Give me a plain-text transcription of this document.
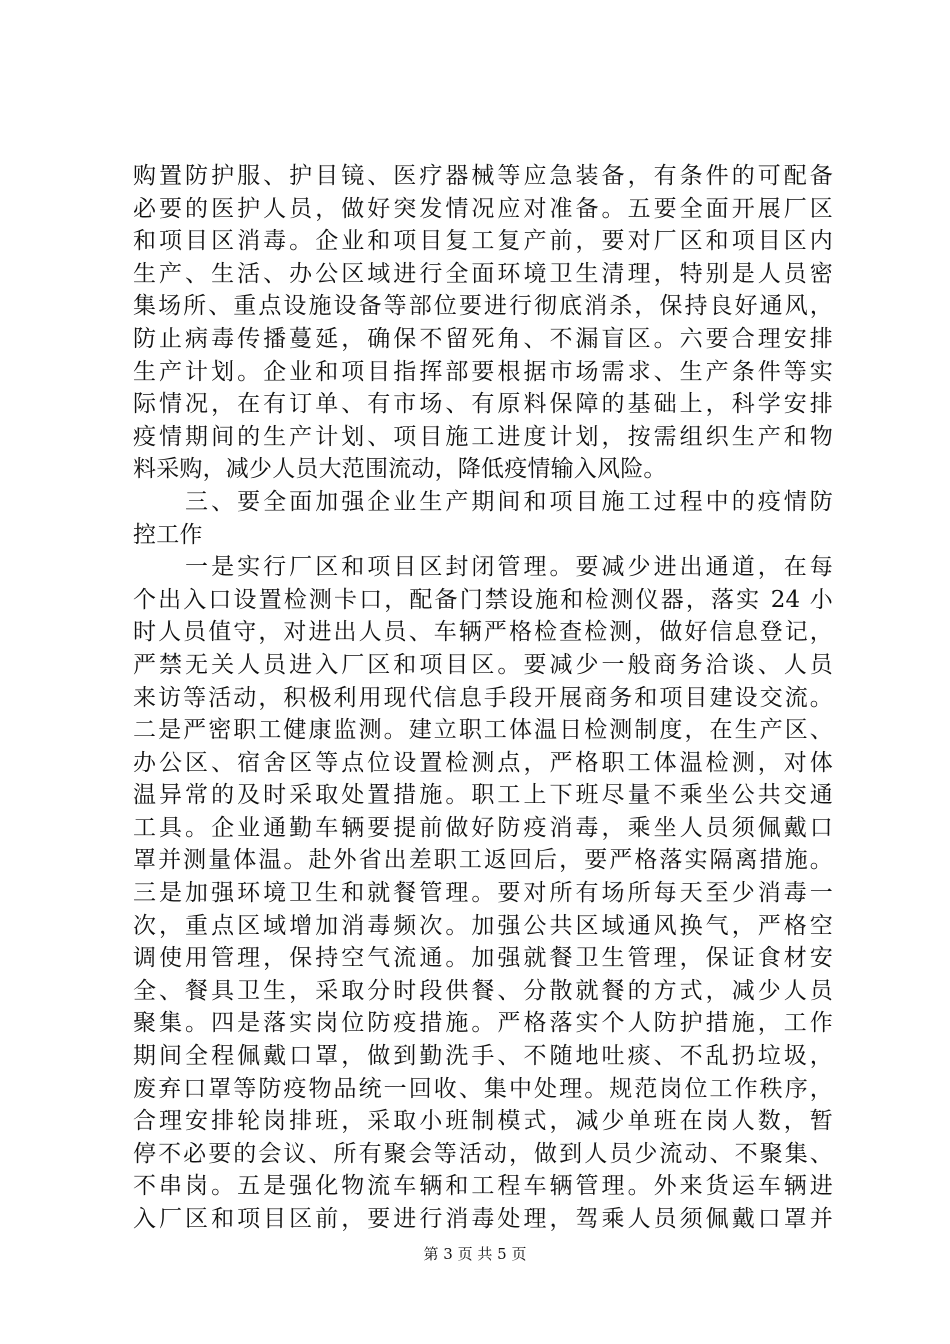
购置防护服、护目镜、医疗器械等应急装备，有条件的可配备
必要的医护人员，做好突发情况应对准备。五要全面开展厂区
和项目区消毒。企业和项目复工复产前，要对厂区和项目区内
生产、生活、办公区域进行全面环境卫生清理，特别是人员密
集场所、重点设施设备等部位要进行彻底消杀，保持良好通风，
防止病毒传播蔓延，确保不留死角、不漏盲区。六要合理安排
生产计划。企业和项目指挥部要根据市场需求、生产条件等实
际情况，在有订单、有市场、有原料保障的基础上，科学安排
疫情期间的生产计划、项目施工进度计划，按需组织生产和物
料采购，减少人员大范围流动，降低疫情输入风险。
　　三、要全面加强企业生产期间和项目施工过程中的疫情防
控工作
　　一是实行厂区和项目区封闭管理。要减少进出通道，在每
个出入口设置检测卡口，配备门禁设施和检测仪器，落实 24 小
时人员值守，对进出人员、车辆严格检查检测，做好信息登记，
严禁无关人员进入厂区和项目区。要减少一般商务洽谈、人员
来访等活动，积极利用现代信息手段开展商务和项目建设交流。
二是严密职工健康监测。建立职工体温日检测制度，在生产区、
办公区、宿舍区等点位设置检测点，严格职工体温检测，对体
温异常的及时采取处置措施。职工上下班尽量不乘坐公共交通
工具。企业通勤车辆要提前做好防疫消毒，乘坐人员须佩戴口
罩并测量体温。赴外省出差职工返回后，要严格落实隔离措施。
三是加强环境卫生和就餐管理。要对所有场所每天至少消毒一
次，重点区域增加消毒频次。加强公共区域通风换气，严格空
调使用管理，保持空气流通。加强就餐卫生管理，保证食材安
全、餐具卫生，采取分时段供餐、分散就餐的方式，减少人员
聚集。四是落实岗位防疫措施。严格落实个人防护措施，工作
期间全程佩戴口罩，做到勤洗手、不随地吐痰、不乱扔垃圾，
废弃口罩等防疫物品统一回收、集中处理。规范岗位工作秩序，
合理安排轮岗排班，采取小班制模式，减少单班在岗人数，暂
停不必要的会议、所有聚会等活动，做到人员少流动、不聚集、
不串岗。五是强化物流车辆和工程车辆管理。外来货运车辆进
入厂区和项目区前，要进行消毒处理，驾乘人员须佩戴口罩并
第 3 页 共 5 页
